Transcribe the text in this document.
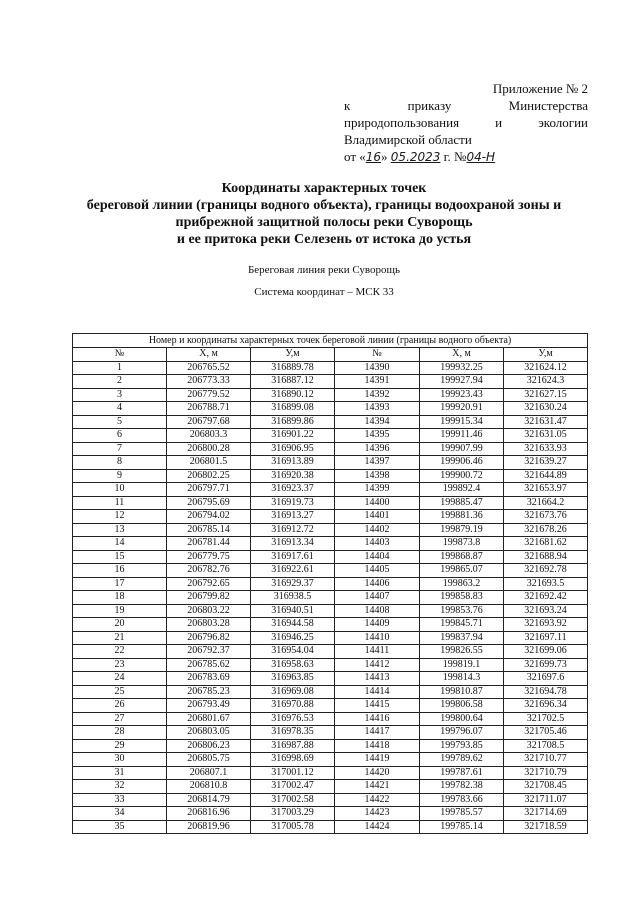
Приложение № 2
к	приказу	Министерства
природопользования	и	экологии
Владимирской области
от «16» 05.2023 г. №04-Н
Координаты характерных точек
береговой линии (границы водного объекта), границы водоохраной зоны и
прибрежной защитной полосы реки Суворощь
и ее притока реки Селезень от истока до устья
Береговая линия реки Суворощь
Система координат – МСК 33
Номер и координаты характерных точек береговой линии (границы водного объекта)					
№	Х, м	У,м	№	Х, м	У,м
1	206765.52	316889.78	14390	199932.25	321624.12
2	206773.33	316887.12	14391	199927.94	321624.3
3	206779.52	316890.12	14392	199923.43	321627.15
4	206788.71	316899.08	14393	199920.91	321630.24
5	206797.68	316899.86	14394	199915.34	321631.47
6	206803.3	316901.22	14395	199911.46	321631.05
7	206800.28	316906.95	14396	199907.99	321633.93
8	206801.5	316913.89	14397	199906.46	321639.27
9	206802.25	316920.38	14398	199900.72	321644.89
10	206797.71	316923.37	14399	199892.4	321653.97
11	206795.69	316919.73	14400	199885.47	321664.2
12	206794.02	316913.27	14401	199881.36	321673.76
13	206785.14	316912.72	14402	199879.19	321678.26
14	206781.44	316913.34	14403	199873.8	321681.62
15	206779.75	316917.61	14404	199868.87	321688.94
16	206782.76	316922.61	14405	199865.07	321692.78
17	206792.65	316929.37	14406	199863.2	321693.5
18	206799.82	316938.5	14407	199858.83	321692.42
19	206803.22	316940.51	14408	199853.76	321693.24
20	206803.28	316944.58	14409	199845.71	321693.92
21	206796.82	316946.25	14410	199837.94	321697.11
22	206792.37	316954.04	14411	199826.55	321699.06
23	206785.62	316958.63	14412	199819.1	321699.73
24	206783.69	316963.85	14413	199814.3	321697.6
25	206785.23	316969.08	14414	199810.87	321694.78
26	206793.49	316970.88	14415	199806.58	321696.34
27	206801.67	316976.53	14416	199800.64	321702.5
28	206803.05	316978.35	14417	199796.07	321705.46
29	206806.23	316987.88	14418	199793.85	321708.5
30	206805.75	316998.69	14419	199789.62	321710.77
31	206807.1	317001.12	14420	199787.61	321710.79
32	206810.8	317002.47	14421	199782.38	321708.45
33	206814.79	317002.58	14422	199783.66	321711.07
34	206816.96	317003.29	14423	199785.57	321714.69
35	206819.96	317005.78	14424	199785.14	321718.59
